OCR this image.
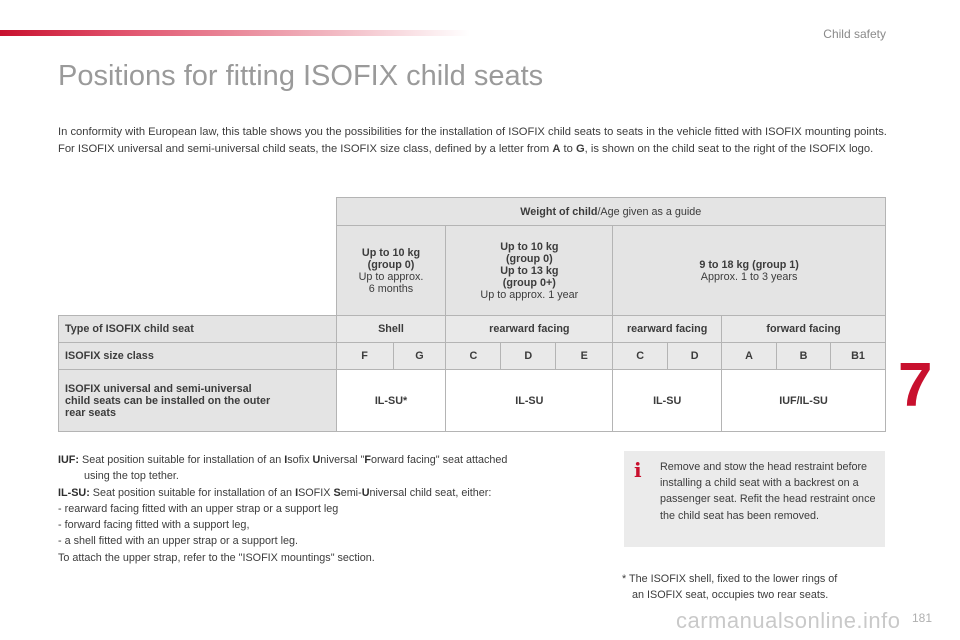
Child safety
Positions for fitting ISOFIX child seats

In conformity with European law, this table shows you the possibilities for the installation of ISOFIX child seats to seats in the vehicle fitted with ISOFIX mounting points.

For ISOFIX universal and semi-universal child seats, the ISOFIX size class, defined by a letter from A to G, is shown on the child seat to the right of the ISOFIX logo.

	Weight of child/Age given as a guide									
	Up to 10 kg
(group 0)
Up to approx.
6 months		Up to 10 kg
(group 0)
Up to 13 kg
(group 0+)
Up to approx. 1 year			9 to 18 kg (group 1)
Approx. 1 to 3 years				
Type of ISOFIX child seat	Shell		rearward facing			rearward facing		forward facing		
ISOFIX size class	F	G	C	D	E	C	D	A	B	B1
ISOFIX universal and semi-universal
child seats can be installed on the outer
rear seats	IL-SU*		IL-SU			IL-SU		IUF/IL-SU		
IUF: Seat position suitable for installation of an Isofix Universal "Forward facing" seat attached
using the top tether.
IL-SU: Seat position suitable for installation of an ISOFIX Semi-Universal child seat, either:
- rearward facing fitted with an upper strap or a support leg
- forward facing fitted with a support leg,
- a shell fitted with an upper strap or a support leg.
To attach the upper strap, refer to the "ISOFIX mountings" section.
i Remove and stow the head restraint before installing a child seat with a backrest on a passenger seat. Refit the head restraint once the child seat has been removed.
* The ISOFIX shell, fixed to the lower rings of
an ISOFIX seat, occupies two rear seats.
7
carmanualsonline.info 181
